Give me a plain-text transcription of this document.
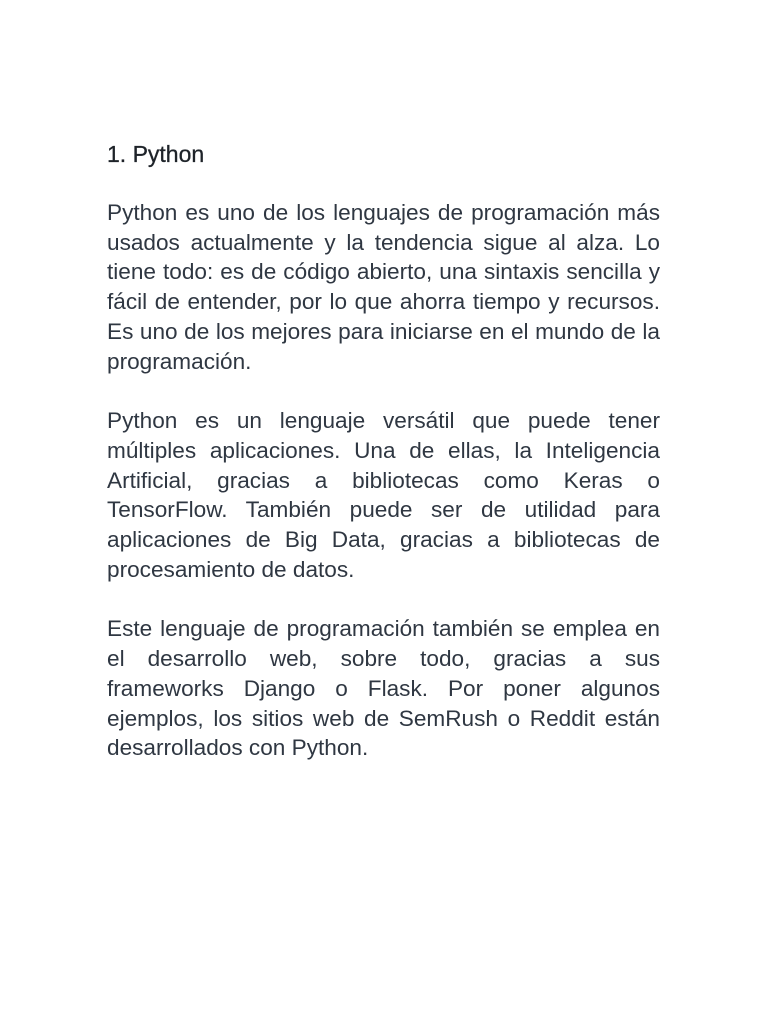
1. Python

Python es uno de los lenguajes de programación más usados actualmente y la tendencia sigue al alza. Lo tiene todo: es de código abierto, una sintaxis sencilla y fácil de entender, por lo que ahorra tiempo y recursos. Es uno de los mejores para iniciarse en el mundo de la programación.

Python es un lenguaje versátil que puede tener múltiples aplicaciones. Una de ellas, la Inteligencia Artificial, gracias a bibliotecas como Keras o TensorFlow. También puede ser de utilidad para aplicaciones de Big Data, gracias a bibliotecas de procesamiento de datos.

Este lenguaje de programación también se emplea en el desarrollo web, sobre todo, gracias a sus frameworks Django o Flask. Por poner algunos ejemplos, los sitios web de SemRush o Reddit están desarrollados con Python.
